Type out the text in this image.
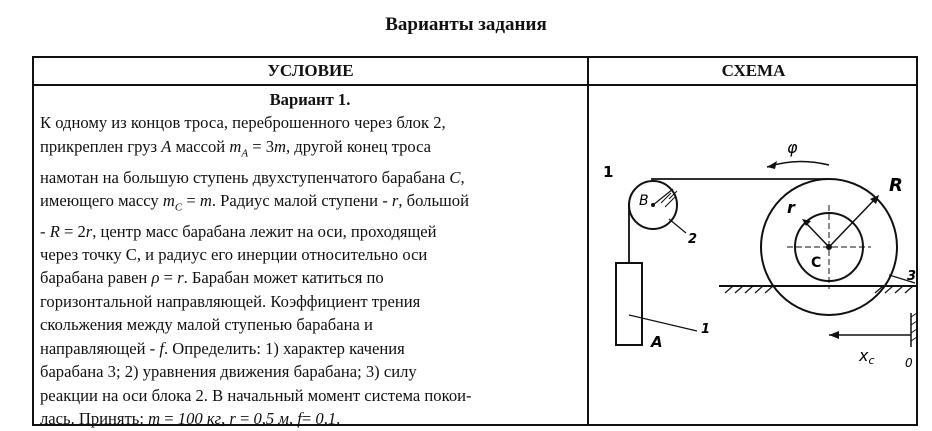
Варианты задания
УСЛОВИЕ	СХЕМА
Вариант 1.
К одному из концов троса, переброшенного через блок 2,
прикреплен груз A массой $m_A = 3m$, другой конец троса
намотан на большую ступень двухступенчатого барабана C,
имеющего массу $m_C = m$. Радиус малой ступени - r, большой
- R = 2r, центр масс барабана лежит на оси, проходящей
через точку С, и радиус его инерции относительно оси
барабана равен ρ = r. Барабан может катиться по
горизонтальной направляющей. Коэффициент трения
скольжения между малой ступенью барабана и
направляющей - f. Определить: 1) характер качения
барабана 3; 2) уравнения движения барабана; 3) силу
реакции на оси блока 2. В начальный момент система покои-
лась. Принять: m = 100 кг, r = 0,5 м, f= 0,1.
B
2
A
1
1
φ
r
R
C
3
xc	0
